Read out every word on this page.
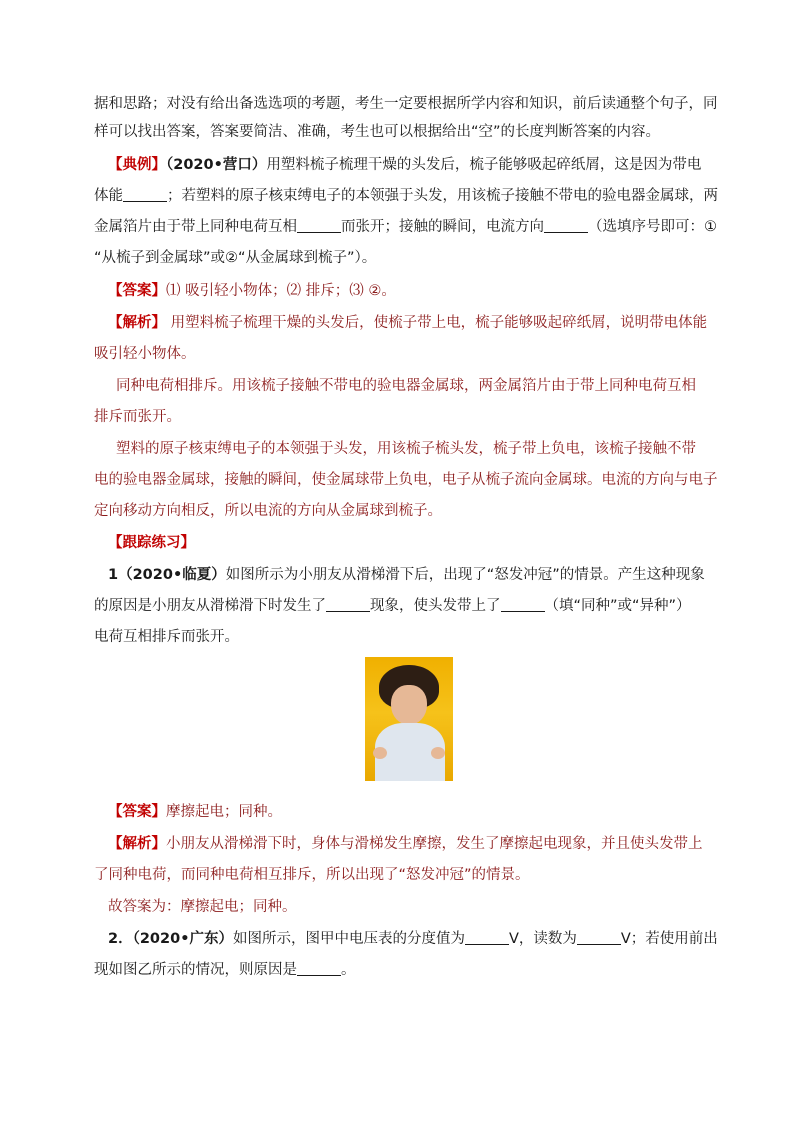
据和思路；对没有给出备选选项的考题，考生一定要根据所学内容和知识，前后读通整个句子，同
样可以找出答案，答案要简洁、准确，考生也可以根据给出“空”的长度判断答案的内容。
【典例】（2020•营口）用塑料梳子梳理干燥的头发后，梳子能够吸起碎纸屑，这是因为带电
体能	；若塑料的原子核束缚电子的本领强于头发，用该梳子接触不带电的验电器金属球，两
金属箔片由于带上同种电荷互相	而张开；接触的瞬间，电流方向	（选填序号即可：①
“从梳子到金属球”或②“从金属球到梳子”）。
【答案】⑴ 吸引轻小物体；⑵ 排斥；⑶ ②。
【解析】 用塑料梳子梳理干燥的头发后，使梳子带上电，梳子能够吸起碎纸屑，说明带电体能
吸引轻小物体。
同种电荷相排斥。用该梳子接触不带电的验电器金属球，两金属箔片由于带上同种电荷互相
排斥而张开。
塑料的原子核束缚电子的本领强于头发，用该梳子梳头发，梳子带上负电，该梳子接触不带
电的验电器金属球，接触的瞬间，使金属球带上负电，电子从梳子流向金属球。电流的方向与电子
定向移动方向相反，所以电流的方向从金属球到梳子。
【跟踪练习】
1（2020•临夏）如图所示为小朋友从滑梯滑下后，出现了“怒发冲冠”的情景。产生这种现象
的原因是小朋友从滑梯滑下时发生了	现象，使头发带上了	（填“同种”或“异种”）
电荷互相排斥而张开。
【答案】摩擦起电；同种。
【解析】小朋友从滑梯滑下时，身体与滑梯发生摩擦，发生了摩擦起电现象，并且使头发带上
了同种电荷，而同种电荷相互排斥，所以出现了“怒发冲冠”的情景。
故答案为：摩擦起电；同种。
2．（2020•广东）如图所示，图甲中电压表的分度值为	V，读数为	V；若使用前出
现如图乙所示的情况，则原因是	。
